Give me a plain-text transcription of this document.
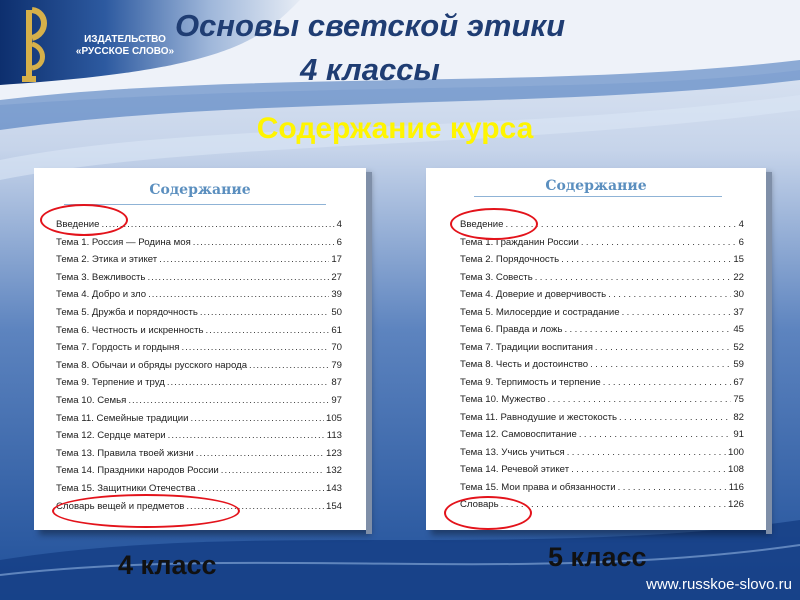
ИЗДАТЕЛЬСТВО
«РУССКОЕ СЛОВО»
Основы светской этики
4 классы
Содержание курса
Содержание
Введение .....	4
Тема 1. Россия — Родина моя .....	6
Тема 2. Этика и этикет .....	17
Тема 3. Вежливость .....	27
Тема 4. Добро и зло .....	39
Тема 5. Дружба и порядочность .....	50
Тема 6. Честность и искренность .....	61
Тема 7. Гордость и гордыня .....	70
Тема 8. Обычаи и обряды русского народа .....	79
Тема 9. Терпение и труд .....	87
Тема 10. Семья .....	97
Тема 11. Семейные традиции .....	105
Тема 12. Сердце матери .....	113
Тема 13. Правила твоей жизни .....	123
Тема 14. Праздники народов России .....	132
Тема 15. Защитники Отечества .....	143
Словарь вещей и предметов .....	154
Содержание
Введение .....	4
Тема 1. Гражданин России .....	6
Тема 2. Порядочность .....	15
Тема 3. Совесть .....	22
Тема 4. Доверие и доверчивость .....	30
Тема 5. Милосердие и сострадание .....	37
Тема 6. Правда и ложь .....	45
Тема 7. Традиции воспитания .....	52
Тема 8. Честь и достоинство .....	59
Тема 9. Терпимость и терпение .....	67
Тема 10. Мужество .....	75
Тема 11. Равнодушие и жестокость .....	82
Тема 12. Самовоспитание .....	91
Тема 13. Учись учиться .....	100
Тема 14. Речевой этикет .....	108
Тема 15. Мои права и обязанности .....	116
Словарь .....	126
4 класс	5 класс
www.russkoe-slovo.ru
